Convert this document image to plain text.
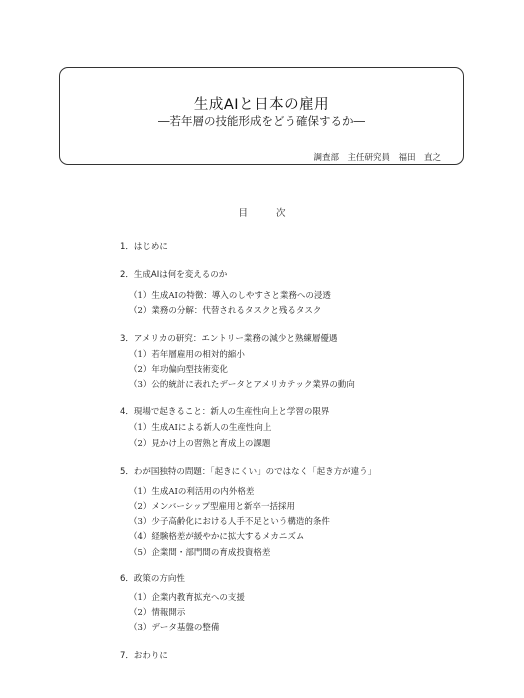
生成AIと日本の雇用
―若年層の技能形成をどう確保するか―
調査部　主任研究員　福田　直之
目次
1．はじめに
2．生成AIは何を変えるのか
（1）生成AIの特徴：導入のしやすさと業務への浸透
（2）業務の分解：代替されるタスクと残るタスク
3．アメリカの研究：エントリー業務の減少と熟練層優遇
（1）若年層雇用の相対的縮小
（2）年功偏向型技術変化
（3）公的統計に表れたデータとアメリカテック業界の動向
4．現場で起きること：新人の生産性向上と学習の限界
（1）生成AIによる新人の生産性向上
（2）見かけ上の習熟と育成上の課題
5．わが国独特の問題：「起きにくい」のではなく「起き方が違う」
（1）生成AIの利活用の内外格差
（2）メンバーシップ型雇用と新卒一括採用
（3）少子高齢化における人手不足という構造的条件
（4）経験格差が緩やかに拡大するメカニズム
（5）企業間・部門間の育成投資格差
6．政策の方向性
（1）企業内教育拡充への支援
（2）情報開示
（3）データ基盤の整備
7．おわりに
